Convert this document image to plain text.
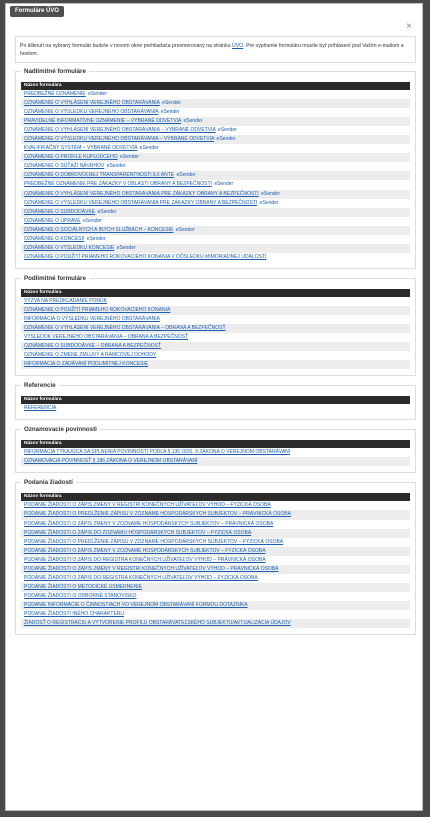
Formuláre ÚVO
×
Po kliknutí na vybraný formulár budete v novom okne prehliadača presmerovaný na stránku ÚVO. Pre vyplnenie formuláru musíte byť prihlásení pod Vaším e-mailom a heslom.
Nadlimitné formuláre
Názov formulára
PREDBEŽNÉ OZNÁMENIE eSender
OZNÁMENIE O VYHLÁSENÍ VEREJNÉHO OBSTARÁVANIA eSender
OZNÁMENIE O VÝSLEDKU VEREJNÉHO OBSTARÁVANIA eSender
PRAVIDELNÉ INFORMATÍVNE OZNÁMENIE – VYBRANÉ ODVETVIA eSender
OZNÁMENIE O VYHLÁSENÍ VEREJNÉHO OBSTARÁVANIA – VYBRANÉ ODVETVIA eSender
OZNÁMENIE O VÝSLEDKU VEREJNÉHO OBSTARÁVANIA – VYBRANÉ ODVETVIA eSender
KVALIFIKAČNÝ SYSTÉM – VYBRANÉ ODVETVIA eSender
OZNÁMENIE O PROFILE KUPUJÚCEHO eSender
OZNÁMENIE O SÚŤAŽI NÁVRHOV eSender
OZNÁMENIE O DOBROVOĽNEJ TRANSPARENTNOSTI EX ANTE eSender
PREDBEŽNÉ OZNÁMENIE PRE ZÁKAZKY V OBLASTI OBRANY A BEZPEČNOSTI eSender
OZNÁMENIE O VYHLÁSENÍ VEREJNÉHO OBSTARÁVANIA PRE ZÁKAZKY OBRANY A BEZPEČNOSTI eSender
OZNÁMENIE O VÝSLEDKU VEREJNÉHO OBSTARÁVANIA PRE ZÁKAZKY OBRANY A BEZPEČNOSTI eSender
OZNÁMENIE O SUBDODÁVKE eSender
OZNÁMENIE O ÚPRAVE eSender
OZNÁMENIE O SOCIÁLNYCH A INÝCH SLUŽBÁCH – KONCESIE eSender
OZNÁMENIE O KONCESII eSender
OZNÁMENIE O VÝSLEDKU KONCESIE eSender
OZNÁMENIE O POUŽITÍ PRIAMEHO ROKOVACIEHO KONANIA V DÔSLEDKU MIMORIADNEJ UDALOSTI
Podlimitné formuláre
Názov formulára
VÝZVA NA PREDKLADANIE PONÚK
OZNÁMENIE O POUŽITÍ PRIAMEHO ROKOVACIEHO KONANIA
INFORMÁCIA O VÝSLEDKU VEREJNÉHO OBSTARÁVANIA
OZNÁMENIE O VYHLÁSENÍ VEREJNÉHO OBSTARÁVANIA – OBRANA A BEZPEČNOSŤ
VÝSLEDOK VEREJNÉHO OBSTARÁVANIA – OBRANA A BEZPEČNOSŤ
OZNÁMENIE O SUBDODÁVKE – OBRANA A BEZPEČNOSŤ
OZNÁMENIE O ZMENE ZMLUVY A RÁMCOVEJ DOHODY
INFORMÁCIA O ZADÁVANÍ PODLIMITNEJ KONCESIE
Referencie
Názov formulára
REFERENCIA
Oznamovacie povinnosti
Názov formulára
INFORMÁCIA TÝKAJÚCA SA SPLNENIA POVINNOSTI PODĽA § 136 ODS. 9 ZÁKONA O VEREJNOM OBSTARÁVANÍ
OZNAMOVACIA POVINNOSŤ § 186 ZÁKONA O VEREJNOM OBSTARÁVANÍ
Podania žiadostí
Názov formulára
PODANIE ŽIADOSTI O ZÁPIS ZMENY V REGISTRI KONEČNÝCH UŽÍVATEĽOV VÝHOD – FYZICKÁ OSOBA
PODANIE ŽIADOSTI O PREDĹŽENIE ZÁPISU V ZOZNAME HOSPODÁRSKYCH SUBJEKTOV – PRÁVNICKÁ OSOBA
PODANIE ŽIADOSTI O ZÁPIS ZMENY V ZOZNAME HOSPODÁRSKYCH SUBJEKTOV – PRÁVNICKÁ OSOBA
PODANIE ŽIADOSTI O ZÁPIS DO ZOZNAMU HOSPODÁRSKYCH SUBJEKTOV – FYZICKÁ OSOBA
PODANIE ŽIADOSTI O PREDĹŽENIE ZÁPISU V ZOZNAME HOSPODÁRSKYCH SUBJEKTOV – FYZICKÁ OSOBA
PODANIE ŽIADOSTI O ZÁPIS ZMENY V ZOZNAME HOSPODÁRSKYCH SUBJEKTOV – FYZICKÁ OSOBA
PODANIE ŽIADOSTI O ZÁPIS DO REGISTRA KONEČNÝCH UŽÍVATEĽOV VÝHOD – PRÁVNICKÁ OSOBA
PODANIE ŽIADOSTI O ZÁPIS ZMENY V REGISTRI KONEČNÝCH UŽÍVATEĽOV VÝHOD – PRÁVNICKÁ OSOBA
PODANIE ŽIADOSTI O ZÁPIS DO REGISTRA KONEČNÝCH UŽÍVATEĽOV VÝHOD – FYZICKÁ OSOBA
PODANIE ŽIADOSTI O METODICKÉ USMERNENIE
PODANIE ŽIADOSTI O ODBORNÉ STANOVISKO
PODANIE INFORMÁCIE O ČINNOSTIACH VO VEREJNOM OBSTARÁVANÍ FORMOU DOTAZNÍKA
PODANIE ŽIADOSTI INÉHO CHARAKTERU
ŽIADOSŤ O REGISTRÁCIU A VYTVORENIE PROFILU OBSTARÁVATEĽSKÉHO SUBJEKTU/AKTUALIZÁCIA ÚDAJOV
